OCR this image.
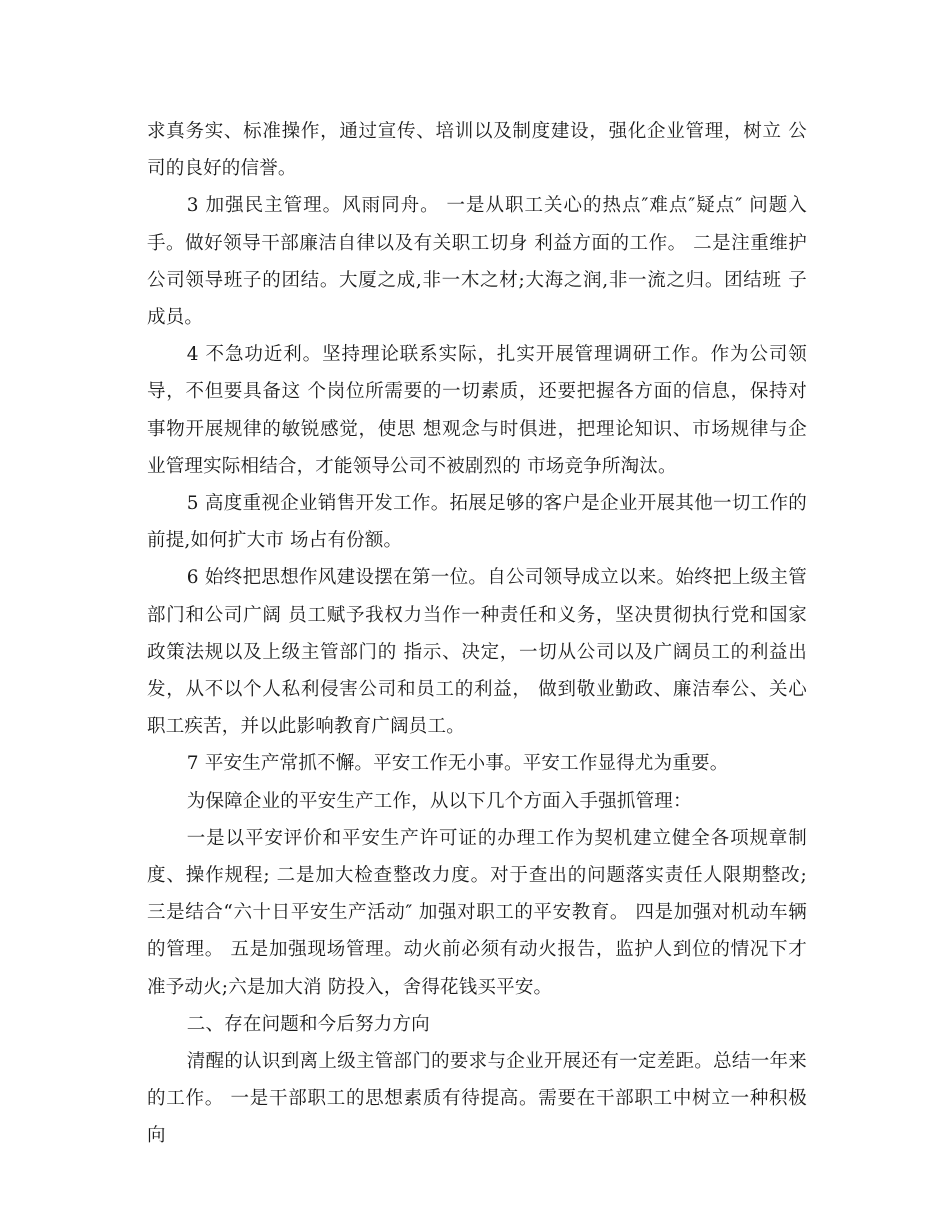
求真务实、标准操作，通过宣传、培训以及制度建设，强化企业管理，树立 公司的良好的信誉。

3 加强民主管理。风雨同舟。 一是从职工关心的热点″难点″疑点″ 问题入手。做好领导干部廉洁自律以及有关职工切身 利益方面的工作。 二是注重维护公司领导班子的团结。大厦之成,非一木之材;大海之润,非一流之归。团结班 子成员。

4 不急功近利。坚持理论联系实际，扎实开展管理调研工作。作为公司领导，不但要具备这 个岗位所需要的一切素质，还要把握各方面的信息，保持对事物开展规律的敏锐感觉，使思 想观念与时俱进，把理论知识、市场规律与企业管理实际相结合，才能领导公司不被剧烈的 市场竞争所淘汰。

5 高度重视企业销售开发工作。拓展足够的客户是企业开展其他一切工作的前提,如何扩大市 场占有份额。

6 始终把思想作风建设摆在第一位。自公司领导成立以来。始终把上级主管部门和公司广阔 员工赋予我权力当作一种责任和义务，坚决贯彻执行党和国家政策法规以及上级主管部门的 指示、决定，一切从公司以及广阔员工的利益出发，从不以个人私利侵害公司和员工的利益， 做到敬业勤政、廉洁奉公、关心职工疾苦，并以此影响教育广阔员工。

7 平安生产常抓不懈。平安工作无小事。平安工作显得尤为重要。

为保障企业的平安生产工作，从以下几个方面入手强抓管理：

一是以平安评价和平安生产许可证的办理工作为契机建立健全各项规章制度、操作规程; 二是加大检查整改力度。对于查出的问题落实责任人限期整改; 三是结合“六十日平安生产活动″ 加强对职工的平安教育。 四是加强对机动车辆的管理。 五是加强现场管理。动火前必须有动火报告，监护人到位的情况下才准予动火;六是加大消 防投入，舍得花钱买平安。

二、存在问题和今后努力方向

清醒的认识到离上级主管部门的要求与企业开展还有一定差距。总结一年来的工作。 一是干部职工的思想素质有待提高。需要在干部职工中树立一种积极向
